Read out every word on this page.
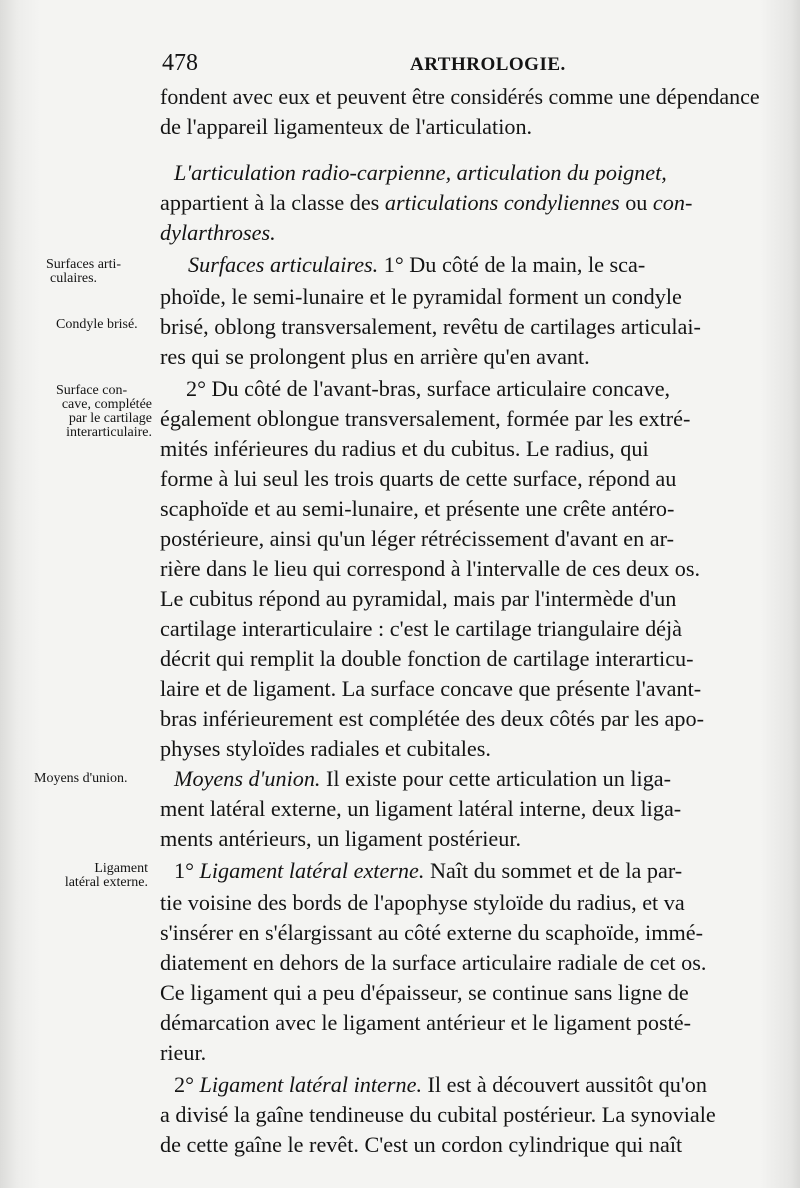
478	ARTHROLOGIE.
Surfaces arti-
culaires.
Condyle brisé.
Surface con-
cave, complétée
par le cartilage
interarticulaire.
Moyens d'union.
Ligament
latéral externe.
fondent avec eux et peuvent être considérés comme une dépendance
de l'appareil ligamenteux de l'articulation.
L'articulation radio-carpienne, articulation du poignet,
appartient à la classe des articulations condyliennes ou con-
dylarthroses.
Surfaces articulaires. 1° Du côté de la main, le sca-
phoïde, le semi-lunaire et le pyramidal forment un condyle
brisé, oblong transversalement, revêtu de cartilages articulai-
res qui se prolongent plus en arrière qu'en avant.
2° Du côté de l'avant-bras, surface articulaire concave,
également oblongue transversalement, formée par les extré-
mités inférieures du radius et du cubitus. Le radius, qui
forme à lui seul les trois quarts de cette surface, répond au
scaphoïde et au semi-lunaire, et présente une crête antéro-
postérieure, ainsi qu'un léger rétrécissement d'avant en ar-
rière dans le lieu qui correspond à l'intervalle de ces deux os.
Le cubitus répond au pyramidal, mais par l'intermède d'un
cartilage interarticulaire : c'est le cartilage triangulaire déjà
décrit qui remplit la double fonction de cartilage interarticu-
laire et de ligament. La surface concave que présente l'avant-
bras inférieurement est complétée des deux côtés par les apo-
physes styloïdes radiales et cubitales.
Moyens d'union. Il existe pour cette articulation un liga-
ment latéral externe, un ligament latéral interne, deux liga-
ments antérieurs, un ligament postérieur.
1° Ligament latéral externe. Naît du sommet et de la par-
tie voisine des bords de l'apophyse styloïde du radius, et va
s'insérer en s'élargissant au côté externe du scaphoïde, immé-
diatement en dehors de la surface articulaire radiale de cet os.
Ce ligament qui a peu d'épaisseur, se continue sans ligne de
démarcation avec le ligament antérieur et le ligament posté-
rieur.
2° Ligament latéral interne. Il est à découvert aussitôt qu'on
a divisé la gaîne tendineuse du cubital postérieur. La synoviale
de cette gaîne le revêt. C'est un cordon cylindrique qui naît
